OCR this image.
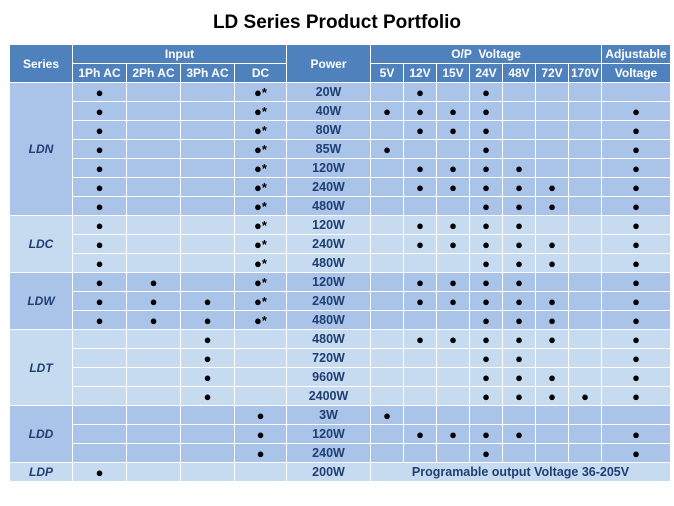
LD Series Product Portfolio
Series	Input				Power	O/P  Voltage							Adjustable
	1Ph AC	2Ph AC	3Ph AC	DC		5V	12V	15V	24V	48V	72V	170V	Voltage
LDN	●			●*	20W		●		●				
	●			●*	40W	●	●	●	●				●
	●			●*	80W		●	●	●				●
	●			●*	85W	●			●				●
	●			●*	120W		●	●	●	●			●
	●			●*	240W		●	●	●	●	●		●
	●			●*	480W				●	●	●		●
LDC	●			●*	120W		●	●	●	●			●
	●			●*	240W		●	●	●	●	●		●
	●			●*	480W				●	●	●		●
LDW	●	●		●*	120W		●	●	●	●			●
	●	●	●	●*	240W		●	●	●	●	●		●
	●	●	●	●*	480W				●	●	●		●
LDT			●		480W		●	●	●	●	●		●
			●		720W				●	●			●
			●		960W				●	●	●		●
			●		2400W				●	●	●	●	●
LDD				●	3W	●							
				●	120W		●	●	●	●			●
				●	240W				●				●
LDP	●				200W	Programable output Voltage 36-205V							
